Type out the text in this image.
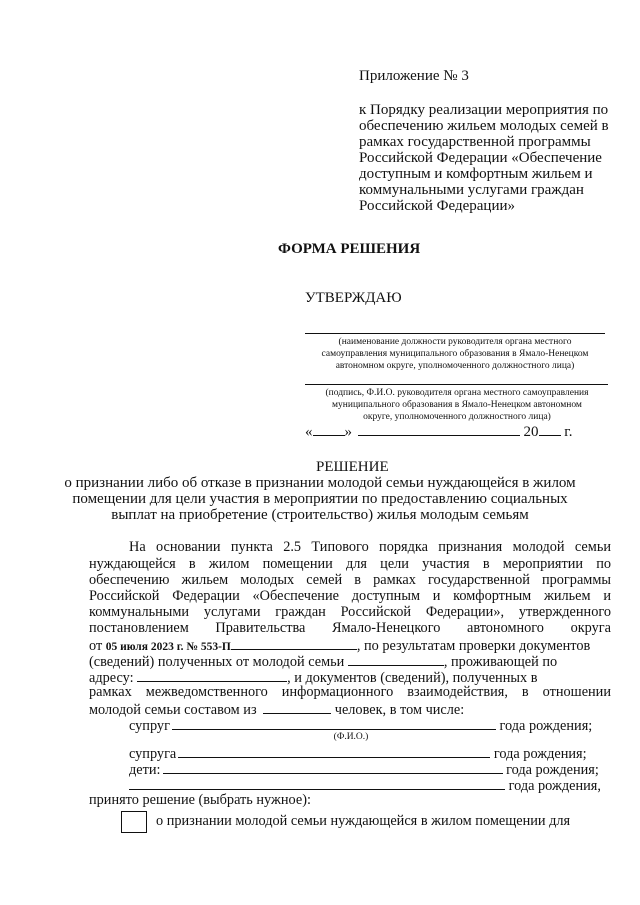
Приложение № 3
к Порядку реализации мероприятия по
обеспечению жильем молодых семей в
рамках государственной программы
Российской Федерации «Обеспечение
доступным и комфортным жильем и
коммунальными услугами граждан
Российской Федерации»
ФОРМА РЕШЕНИЯ
УТВЕРЖДАЮ
(наименование должности руководителя органа местного
самоуправления муниципального образования в Ямало-Ненецком
автономном округе, уполномоченного должностного лица)
(подпись, Ф.И.О. руководителя органа местного самоуправления
муниципального образования в Ямало-Ненецком автономном
округе, уполномоченного должностного лица)
« »	20 г.
РЕШЕНИЕ
о признании либо об отказе в признании молодой семьи нуждающейся в жилом
помещении для цели участия в мероприятии по предоставлению социальных
выплат на приобретение (строительство) жилья молодым семьям
На основании пункта 2.5 Типового порядка признания молодой семьи
нуждающейся в жилом помещении для цели участия в мероприятии по
обеспечению жильем молодых семей в рамках государственной программы
Российской Федерации «Обеспечение доступным и комфортным жильем и
коммунальными услугами граждан Российской Федерации», утвержденного
постановлением Правительства Ямало-Ненецкого автономного округа
от 05 июля 2023 г. № 553-П	, по результатам проверки документов
(сведений) полученных от молодой семьи	, проживающей по
адресу:	, и документов (сведений), полученных в
рамках межведомственного информационного взаимодействия, в отношении
молодой семьи составом из	человек, в том числе:
супруг	года рождения;
(Ф.И.О.)
супруга	года рождения;
дети:	года рождения;
года рождения,
принято решение (выбрать нужное):
о признании молодой семьи нуждающейся в жилом помещении для
